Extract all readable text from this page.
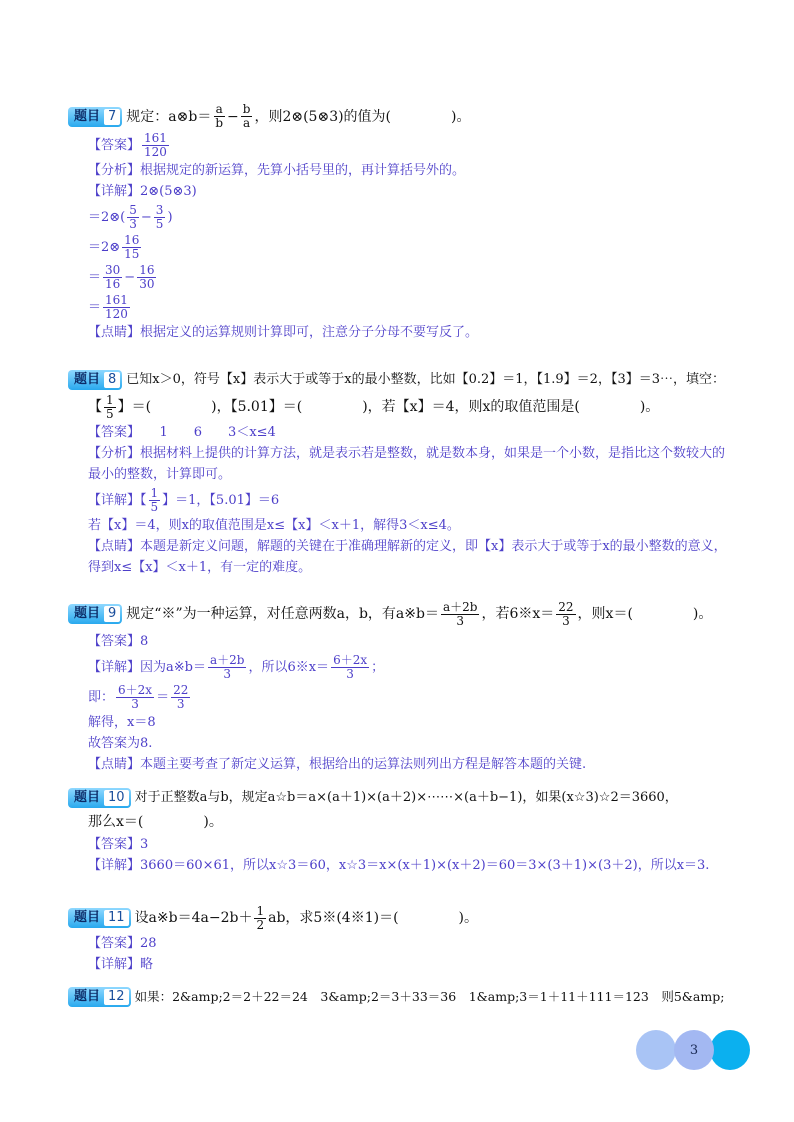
题目 7 规定： a⊗b＝ $\frac{a}{b} - \frac{b}{a}$ ，则2⊗(5⊗3)的值为(	)。
【答案】 $\frac{161}{120}$
【分析】根据规定的新运算，先算小括号里的，再计算括号外的。
【详解】2⊗(5⊗3)
＝2⊗( $\frac{5}{3} - \frac{3}{5}$ )
＝2⊗ $\frac{16}{15}$
＝ $\frac{30}{16} - \frac{16}{30}$
＝ $\frac{161}{120}$
【点睛】根据定义的运算规则计算即可，注意分子分母不要写反了。
题目 8 已知x＞0，符号【x】表示大于或等于x的最小整数，比如【0.2】＝1，【1.9】＝2，【3】＝3⋯，填空：
【 $\frac{1}{5}$ 】＝(	)，【5.01】＝(	)，若【x】＝4，则x的取值范围是(	)。
【答案】　　1　　6　　3＜x≤4
【分析】根据材料上提供的计算方法，就是表示若是整数，就是数本身，如果是一个小数，是指比这个数较大的最小的整数，计算即可。
【详解】【 $\frac{1}{5}$ 】＝1，【5.01】＝6
若【x】＝4，则x的取值范围是x≤【x】＜x＋1，解得3＜x≤4。
【点睛】本题是新定义问题，解题的关键在于准确理解新的定义，即【x】表示大于或等于x的最小整数的意义，得到x≤【x】＜x＋1，有一定的难度。
题目 9 规定“※”为一种运算，对任意两数a，b，有a※b＝ $\frac{a+2b}{3}$ ，若6※x＝ $\frac{22}{3}$ ，则x＝(	)。
【答案】8
【详解】因为a※b＝ $\frac{a+2b}{3}$ ，所以6※x＝ $\frac{6+2x}{3}$ ；
即： $\frac{6+2x}{3} = \frac{22}{3}$
解得，x＝8
故答案为8.
【点睛】本题主要考查了新定义运算，根据给出的运算法则列出方程是解答本题的关键.
题目 10 对于正整数a与b，规定a☆b＝a×(a＋1)×(a＋2)×⋯⋯×(a＋b−1)，如果(x☆3)☆2＝3660，
那么x＝(	)。
【答案】3
【详解】3660＝60×61，所以x☆3＝60，x☆3＝x×(x＋1)×(x＋2)＝60＝3×(3＋1)×(3＋2)，所以x＝3.
题目 11 设a※b＝4a−2b＋ $\frac{1}{2}$ ab，求5※(4※1)＝(	)。
【答案】28
【详解】略
题目 12 如果：2&amp;2＝2＋22＝24　3&amp;2＝3＋33＝36　1&amp;3＝1＋11＋111＝123　则5&amp;
3
